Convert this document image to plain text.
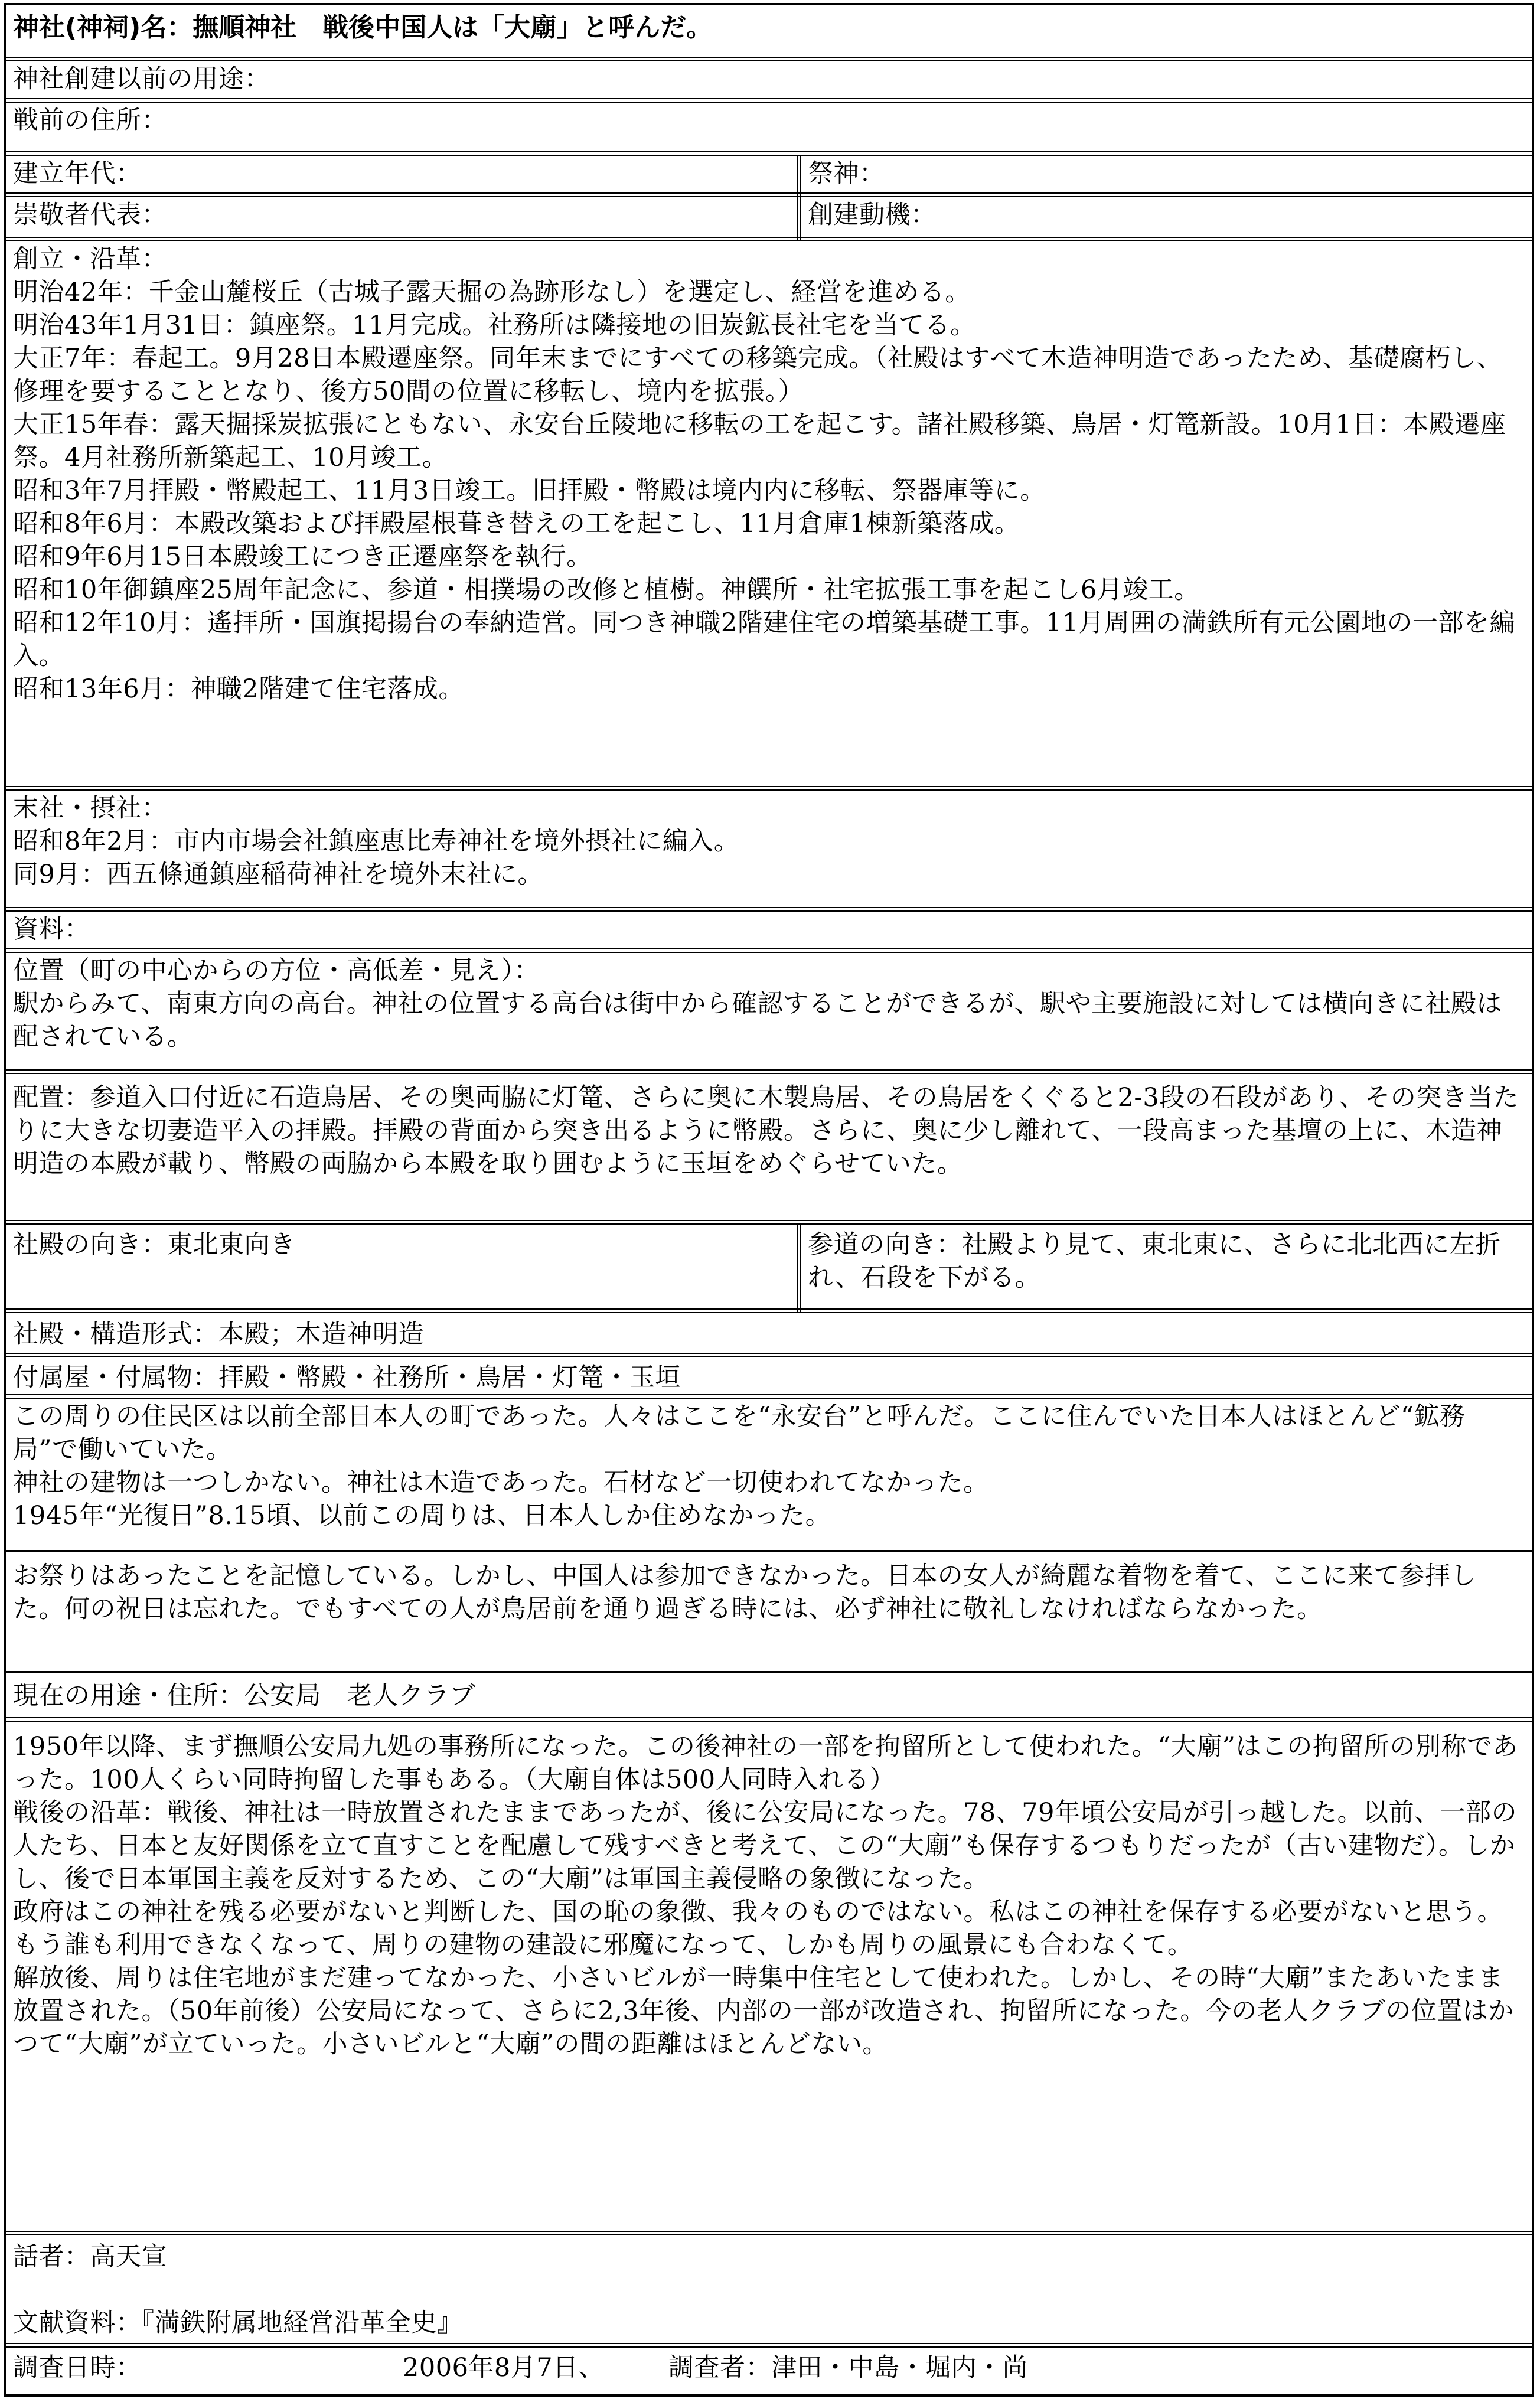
神社(神祠)名：撫順神社　戦後中国人は「大廟」と呼んだ。
神社創建以前の用途：
戦前の住所：
建立年代：	祭神：
崇敬者代表：	創建動機：
創立・沿革：
明治42年：千金山麓桜丘（古城子露天掘の為跡形なし）を選定し、経営を進める。
明治43年1月31日：鎮座祭。11月完成。社務所は隣接地の旧炭鉱長社宅を当てる。
大正7年：春起工。9月28日本殿遷座祭。同年末までにすべての移築完成。（社殿はすべて木造神明造であったため、基礎腐朽し、修理を要することとなり、後方50間の位置に移転し、境内を拡張。）
大正15年春：露天掘採炭拡張にともない、永安台丘陵地に移転の工を起こす。諸社殿移築、鳥居・灯篭新設。10月1日：本殿遷座祭。4月社務所新築起工、10月竣工。
昭和3年7月拝殿・幣殿起工、11月3日竣工。旧拝殿・幣殿は境内内に移転、祭器庫等に。
昭和8年6月：本殿改築および拝殿屋根葺き替えの工を起こし、11月倉庫1棟新築落成。
昭和9年6月15日本殿竣工につき正遷座祭を執行。
昭和10年御鎮座25周年記念に、参道・相撲場の改修と植樹。神饌所・社宅拡張工事を起こし6月竣工。
昭和12年10月：遙拝所・国旗掲揚台の奉納造営。同つき神職2階建住宅の増築基礎工事。11月周囲の満鉄所有元公園地の一部を編入。
昭和13年6月：神職2階建て住宅落成。
末社・摂社：
昭和8年2月：市内市場会社鎮座恵比寿神社を境外摂社に編入。
同9月：西五條通鎮座稲荷神社を境外末社に。
資料：
位置（町の中心からの方位・高低差・見え）：
駅からみて、南東方向の高台。神社の位置する高台は街中から確認することができるが、駅や主要施設に対しては横向きに社殿は配されている。
配置：参道入口付近に石造鳥居、その奥両脇に灯篭、さらに奥に木製鳥居、その鳥居をくぐると2-3段の石段があり、その突き当たりに大きな切妻造平入の拝殿。拝殿の背面から突き出るように幣殿。さらに、奥に少し離れて、一段高まった基壇の上に、木造神明造の本殿が載り、幣殿の両脇から本殿を取り囲むように玉垣をめぐらせていた。
社殿の向き：東北東向き	参道の向き：社殿より見て、東北東に、さらに北北西に左折れ、石段を下がる。
社殿・構造形式：本殿；木造神明造
付属屋・付属物：拝殿・幣殿・社務所・鳥居・灯篭・玉垣
この周りの住民区は以前全部日本人の町であった。人々はここを“永安台”と呼んだ。ここに住んでいた日本人はほとんど“鉱務局”で働いていた。
神社の建物は一つしかない。神社は木造であった。石材など一切使われてなかった。
1945年“光復日”8.15頃、以前この周りは、日本人しか住めなかった。
お祭りはあったことを記憶している。しかし、中国人は参加できなかった。日本の女人が綺麗な着物を着て、ここに来て参拝した。何の祝日は忘れた。でもすべての人が鳥居前を通り過ぎる時には、必ず神社に敬礼しなければならなかった。
現在の用途・住所：公安局　老人クラブ
1950年以降、まず撫順公安局九処の事務所になった。この後神社の一部を拘留所として使われた。“大廟”はこの拘留所の別称であった。100人くらい同時拘留した事もある。（大廟自体は500人同時入れる）
戦後の沿革：戦後、神社は一時放置されたままであったが、後に公安局になった。78、79年頃公安局が引っ越した。以前、一部の人たち、日本と友好関係を立て直すことを配慮して残すべきと考えて、この“大廟”も保存するつもりだったが（古い建物だ）。しかし、後で日本軍国主義を反対するため、この“大廟”は軍国主義侵略の象徴になった。
政府はこの神社を残る必要がないと判断した、国の恥の象徴、我々のものではない。私はこの神社を保存する必要がないと思う。もう誰も利用できなくなって、周りの建物の建設に邪魔になって、しかも周りの風景にも合わなくて。
解放後、周りは住宅地がまだ建ってなかった、小さいビルが一時集中住宅として使われた。しかし、その時“大廟”またあいたまま放置された。（50年前後）公安局になって、さらに2,3年後、内部の一部が改造され、拘留所になった。今の老人クラブの位置はかつて“大廟”が立ていった。小さいビルと“大廟”の間の距離はほとんどない。
話者：高天宣
文献資料：『満鉄附属地経営沿革全史』
調査日時：	2006年8月7日、	調査者：津田・中島・堀内・尚
